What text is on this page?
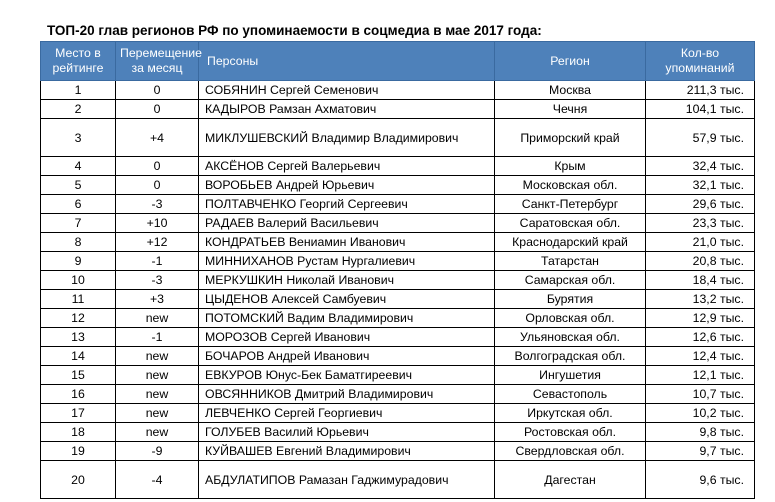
ТОП-20 глав регионов РФ по упоминаемости в соцмедиа в мае 2017 года:
Место в рейтинге	Перемещение за месяц	Персоны	Регион	Кол-во упоминаний
1	0	СОБЯНИН Сергей Семенович	Москва	211,3 тыс.
2	0	КАДЫРОВ Рамзан Ахматович	Чечня	104,1 тыс.
3	+4	МИКЛУШЕВСКИЙ Владимир Владимирович	Приморский край	57,9 тыс.
4	0	АКСЁНОВ Сергей Валерьевич	Крым	32,4 тыс.
5	0	ВОРОБЬЕВ Андрей Юрьевич	Московская обл.	32,1 тыс.
6	-3	ПОЛТАВЧЕНКО Георгий Сергеевич	Санкт-Петербург	29,6 тыс.
7	+10	РАДАЕВ Валерий Васильевич	Саратовская обл.	23,3 тыс.
8	+12	КОНДРАТЬЕВ Вениамин Иванович	Краснодарский край	21,0 тыс.
9	-1	МИННИХАНОВ Рустам Нургалиевич	Татарстан	20,8 тыс.
10	-3	МЕРКУШКИН Николай Иванович	Самарская обл.	18,4 тыс.
11	+3	ЦЫДЕНОВ Алексей Самбуевич	Бурятия	13,2 тыс.
12	new	ПОТОМСКИЙ Вадим Владимирович	Орловская обл.	12,9 тыс.
13	-1	МОРОЗОВ Сергей Иванович	Ульяновская обл.	12,6 тыс.
14	new	БОЧАРОВ Андрей Иванович	Волгоградская обл.	12,4 тыс.
15	new	ЕВКУРОВ Юнус-Бек Баматгиреевич	Ингушетия	12,1 тыс.
16	new	ОВСЯННИКОВ Дмитрий Владимирович	Севастополь	10,7 тыс.
17	new	ЛЕВЧЕНКО Сергей Георгиевич	Иркутская обл.	10,2 тыс.
18	new	ГОЛУБЕВ Василий Юрьевич	Ростовская обл.	9,8 тыс.
19	-9	КУЙВАШЕВ Евгений Владимирович	Свердловская обл.	9,7 тыс.
20	-4	АБДУЛАТИПОВ Рамазан Гаджимурадович	Дагестан	9,6 тыс.
